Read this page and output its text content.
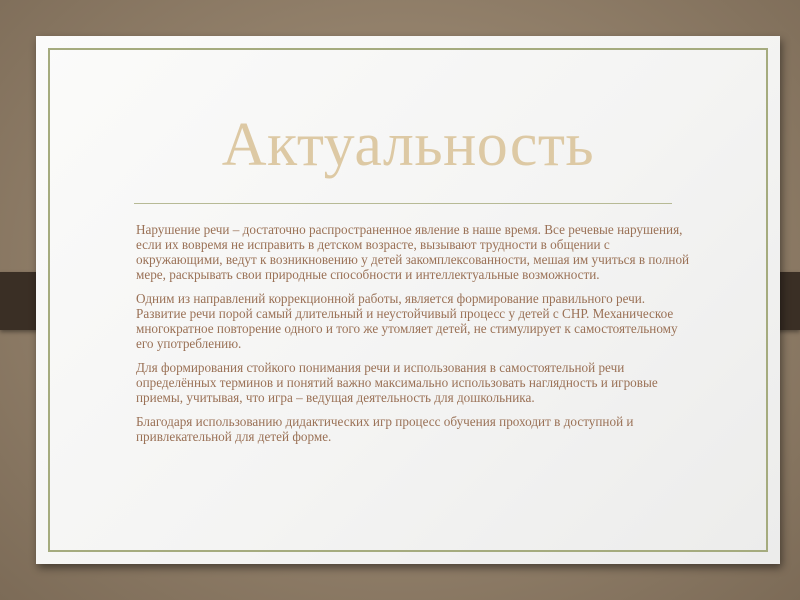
Актуальность

Нарушение речи – достаточно распространенное явление в наше время. Все речевые нарушения, если их вовремя не исправить в детском возрасте, вызывают трудности в общении с окружающими, ведут к возникновению у детей закомплексованности, мешая им учиться в полной мере, раскрывать свои природные способности и интеллектуальные возможности.

Одним из направлений коррекционной работы, является формирование правильного речи. Развитие речи порой самый длительный и неустойчивый процесс у детей с СНР. Механическое многократное повторение одного и того же утомляет детей, не стимулирует к самостоятельному его употреблению.

Для формирования стойкого понимания речи и использования в самостоятельной речи определённых терминов и понятий важно максимально использовать наглядность и игровые приемы, учитывая, что игра – ведущая деятельность для дошкольника.

Благодаря использованию дидактических игр процесс обучения проходит в доступной и привлекательной для детей форме.
